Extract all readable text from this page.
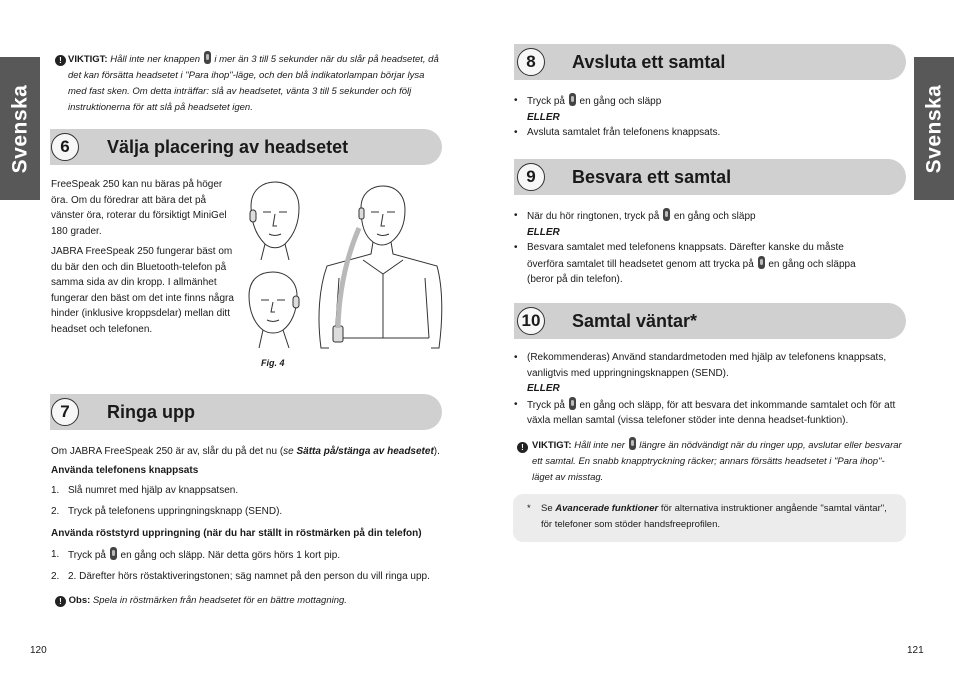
Svenska
! VIKTIGT: Håll inte ner knappen i mer än 3 till 5 sekunder när du slår på headsetet, då det kan försätta headsetet i "Para ihop"-läge, och den blå indikatorlampan börjar lysa med fast sken. Om detta inträffar: slå av headsetet, vänta 3 till 5 sekunder och följ instruktionerna för att slå på headsetet igen.
6	Välja placering av headsetet

FreeSpeak 250 kan nu bäras på höger öra. Om du föredrar att bära det på vänster öra, roterar du försiktigt MiniGel 180 grader.

JABRA FreeSpeak 250 fungerar bäst om du bär den och din Bluetooth-telefon på samma sida av din kropp. I allmänhet fungerar den bäst om det inte finns några hinder (inklusive kroppsdelar) mellan ditt headset och telefonen.

Fig. 4
7	Ringa upp

Om JABRA FreeSpeak 250 är av, slår du på det nu (se Sätta på/stänga av headsetet).

Använda telefonens knappsats
1. Slå numret med hjälp av knappsatsen.
2. Tryck på telefonens uppringningsknapp (SEND).
Använda röststyrd uppringning (när du har ställt in röstmärken på din telefon)
1. Tryck på en gång och släpp. När detta görs hörs 1 kort pip.
2. 2. Därefter hörs röstaktiveringstonen; säg namnet på den person du vill ringa upp.
! Obs: Spela in röstmärken från headsetet för en bättre mottagning.
120
Svenska
8	Avsluta ett samtal
• Tryck på en gång och släpp
ELLER
• Avsluta samtalet från telefonens knappsats.
9	Besvara ett samtal
• När du hör ringtonen, tryck på en gång och släpp
ELLER
• Besvara samtalet med telefonens knappsats. Därefter kanske du måste överföra samtalet till headsetet genom att trycka på en gång och släppa (beror på din telefon).
10 Samtal väntar*
• (Rekommenderas) Använd standardmetoden med hjälp av telefonens knappsats, vanligtvis med uppringningsknappen (SEND).
ELLER
• Tryck på en gång och släpp, för att besvara det inkommande samtalet och för att växla mellan samtal (vissa telefoner stöder inte denna headset-funktion).
! VIKTIGT: Håll inte ner längre än nödvändigt när du ringer upp, avslutar eller besvarar ett samtal. En snabb knapptryckning räcker; annars försätts headsetet i "Para ihop"-läget av misstag.
*	Se Avancerade funktioner för alternativa instruktioner angående "samtal väntar", för telefoner som stöder handsfreeprofilen.
121
